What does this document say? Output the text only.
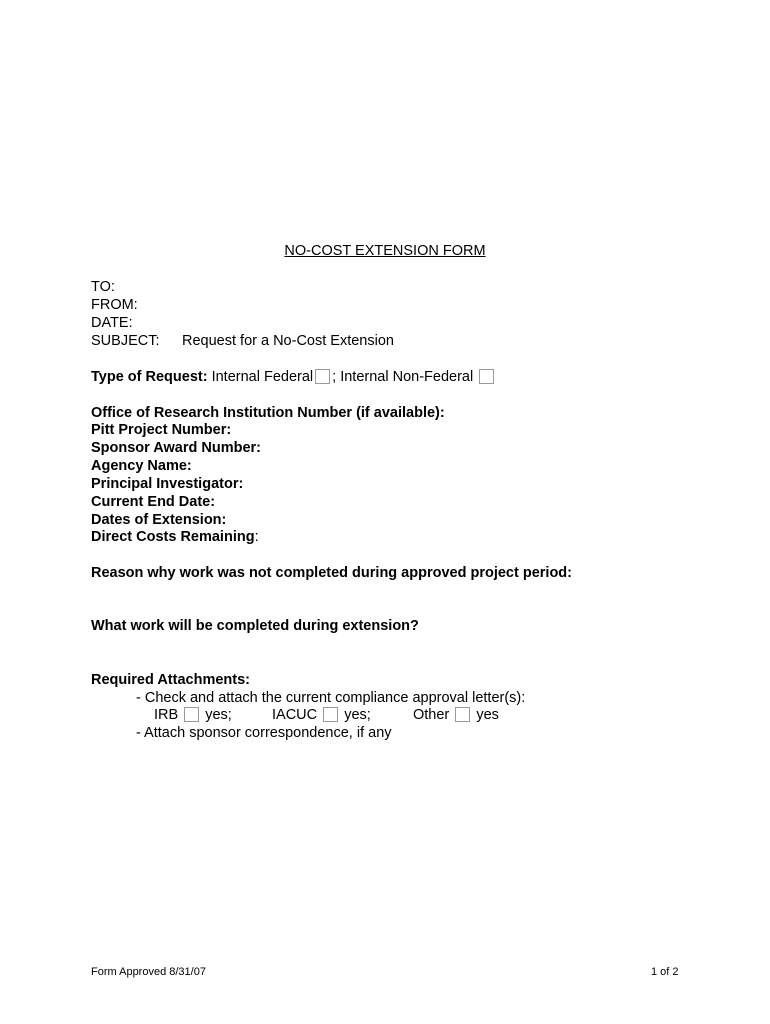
NO-COST EXTENSION FORM
TO:
FROM:
DATE:
SUBJECT: Request for a No-Cost Extension
Type of Request: Internal Federal ; Internal Non-Federal
Office of Research Institution Number (if available):
Pitt Project Number:
Sponsor Award Number:
Agency Name:
Principal Investigator:
Current End Date:
Dates of Extension:
Direct Costs Remaining:
Reason why work was not completed during approved project period:
What work will be completed during extension?
Required Attachments:
- Check and attach the current compliance approval letter(s):
IRB yes;	IACUC yes;	Other yes
- Attach sponsor correspondence, if any
Form Approved 8/31/07	1 of 2
